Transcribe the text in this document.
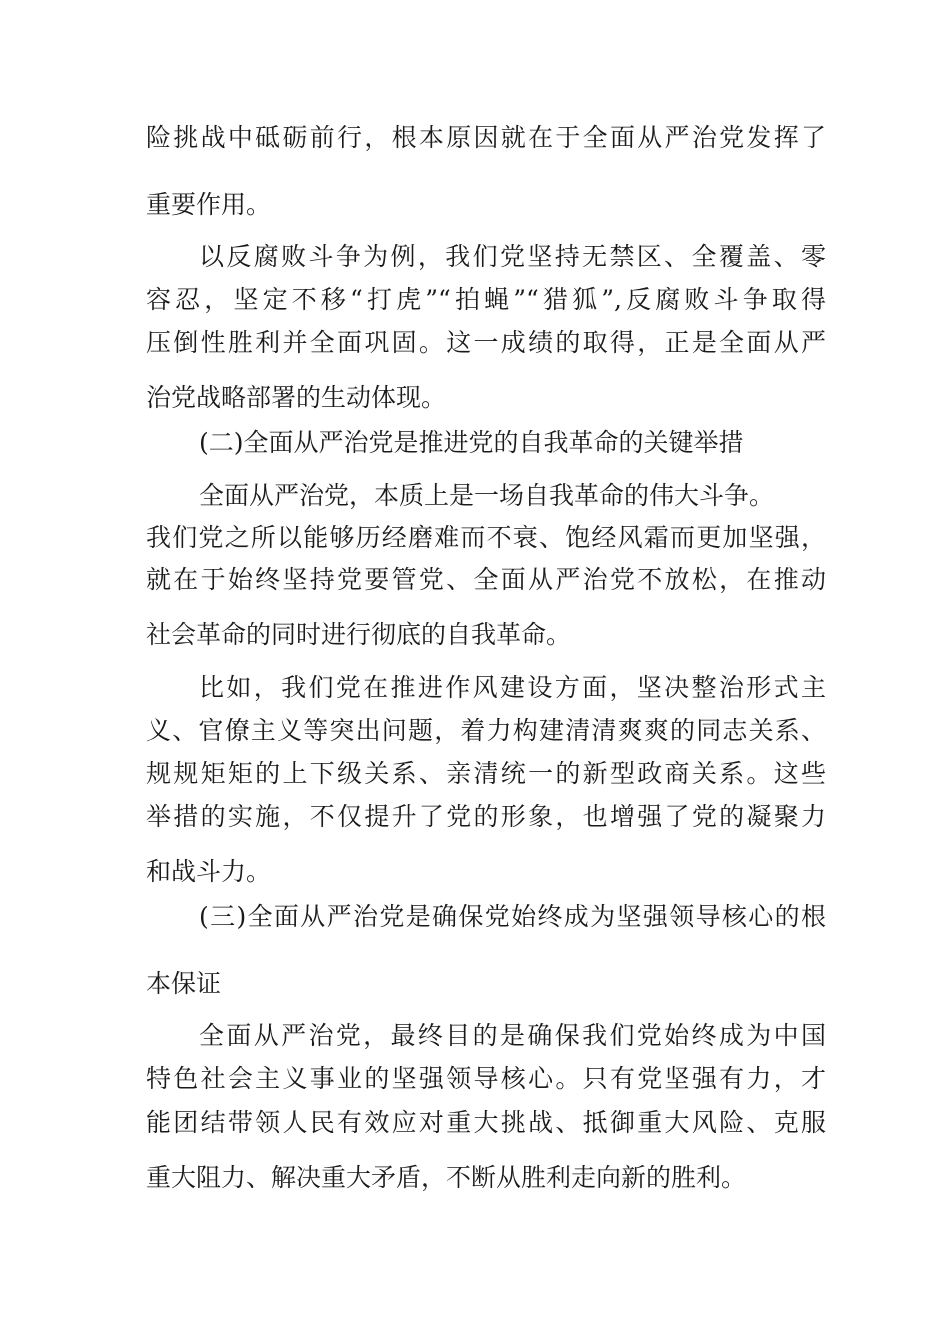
险挑战中砥砺前行，根本原因就在于全面从严治党发挥了
重要作用。
以反腐败斗争为例，我们党坚持无禁区、全覆盖、零
容忍，坚定不移“打虎”“拍蝇”“猎狐”,反腐败斗争取得
压倒性胜利并全面巩固。这一成绩的取得，正是全面从严
治党战略部署的生动体现。
(二)全面从严治党是推进党的自我革命的关键举措
全面从严治党，本质上是一场自我革命的伟大斗争。
我们党之所以能够历经磨难而不衰、饱经风霜而更加坚强，
就在于始终坚持党要管党、全面从严治党不放松，在推动
社会革命的同时进行彻底的自我革命。
比如，我们党在推进作风建设方面，坚决整治形式主
义、官僚主义等突出问题，着力构建清清爽爽的同志关系、
规规矩矩的上下级关系、亲清统一的新型政商关系。这些
举措的实施，不仅提升了党的形象，也增强了党的凝聚力
和战斗力。
(三)全面从严治党是确保党始终成为坚强领导核心的根
本保证
全面从严治党，最终目的是确保我们党始终成为中国
特色社会主义事业的坚强领导核心。只有党坚强有力，才
能团结带领人民有效应对重大挑战、抵御重大风险、克服
重大阻力、解决重大矛盾，不断从胜利走向新的胜利。
